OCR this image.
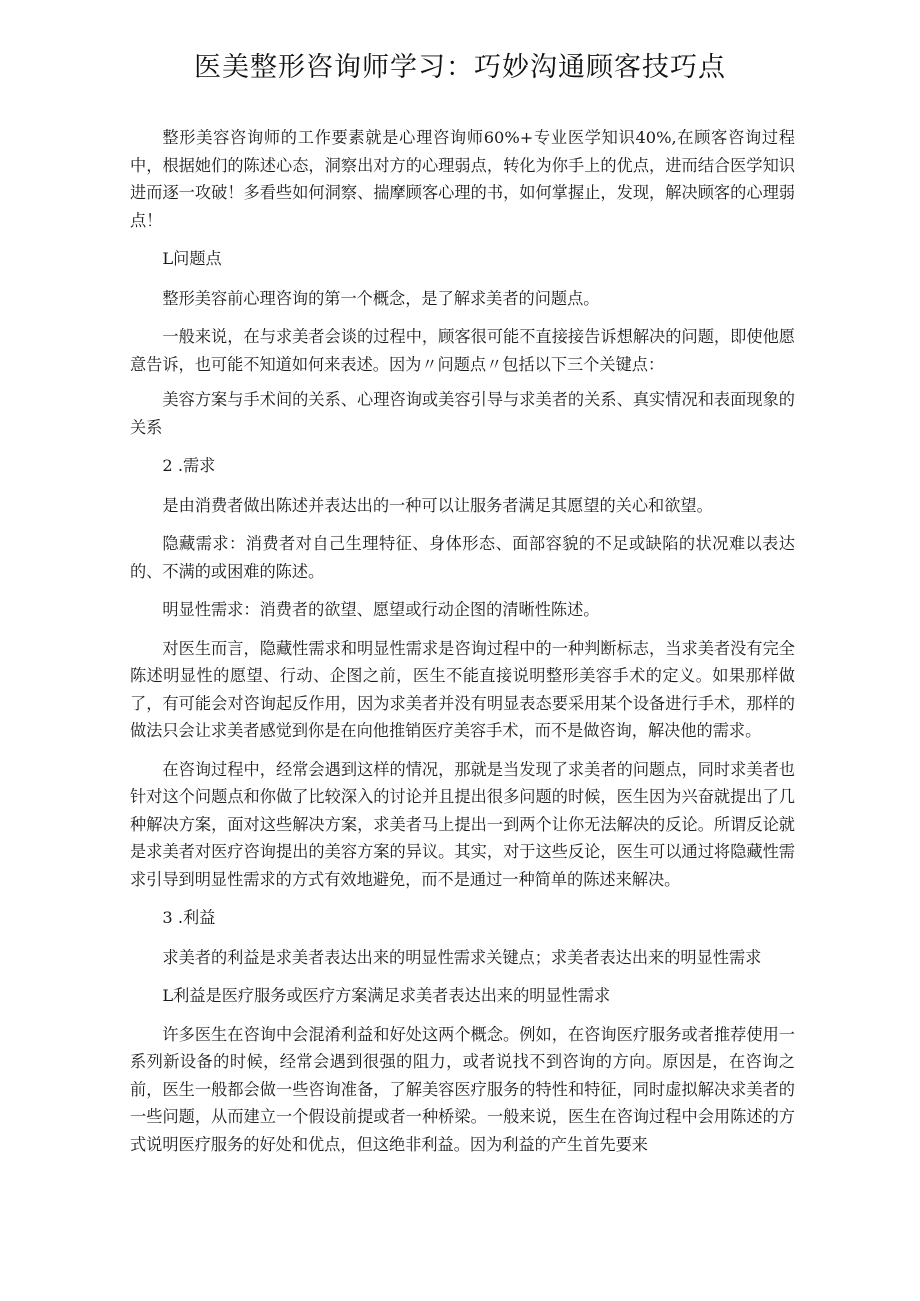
医美整形咨询师学习：巧妙沟通顾客技巧点

整形美容咨询师的工作要素就是心理咨询师60%+专业医学知识40%,在顾客咨询过程中，根据她们的陈述心态，洞察出对方的心理弱点，转化为你手上的优点，进而结合医学知识进而逐一攻破！多看些如何洞察、揣摩顾客心理的书，如何掌握止，发现，解决顾客的心理弱点！

L问题点

整形美容前心理咨询的第一个概念，是了解求美者的问题点。

一般来说，在与求美者会谈的过程中，顾客很可能不直接接告诉想解决的问题，即使他愿意告诉，也可能不知道如何来表述。因为〃问题点〃包括以下三个关键点：

美容方案与手术间的关系、心理咨询或美容引导与求美者的关系、真实情况和表面现象的关系

2 .需求

是由消费者做出陈述并表达出的一种可以让服务者满足其愿望的关心和欲望。

隐藏需求：消费者对自己生理特征、身体形态、面部容貌的不足或缺陷的状况难以表达的、不满的或困难的陈述。

明显性需求：消费者的欲望、愿望或行动企图的清晰性陈述。

对医生而言，隐藏性需求和明显性需求是咨询过程中的一种判断标志，当求美者没有完全陈述明显性的愿望、行动、企图之前，医生不能直接说明整形美容手术的定义。如果那样做了，有可能会对咨询起反作用，因为求美者并没有明显表态要采用某个设备进行手术，那样的做法只会让求美者感觉到你是在向他推销医疗美容手术，而不是做咨询，解决他的需求。

在咨询过程中，经常会遇到这样的情况，那就是当发现了求美者的问题点，同时求美者也针对这个问题点和你做了比较深入的讨论并且提出很多问题的时候，医生因为兴奋就提出了几种解决方案，面对这些解决方案，求美者马上提出一到两个让你无法解决的反论。所谓反论就是求美者对医疗咨询提出的美容方案的异议。其实，对于这些反论，医生可以通过将隐藏性需求引导到明显性需求的方式有效地避免，而不是通过一种简单的陈述来解决。

3 .利益

求美者的利益是求美者表达出来的明显性需求关键点；求美者表达出来的明显性需求

L利益是医疗服务或医疗方案满足求美者表达出来的明显性需求

许多医生在咨询中会混淆利益和好处这两个概念。例如，在咨询医疗服务或者推荐使用一系列新设备的时候，经常会遇到很强的阻力，或者说找不到咨询的方向。原因是，在咨询之前，医生一般都会做一些咨询准备，了解美容医疗服务的特性和特征，同时虚拟解决求美者的一些问题，从而建立一个假设前提或者一种桥梁。一般来说，医生在咨询过程中会用陈述的方式说明医疗服务的好处和优点，但这绝非利益。因为利益的产生首先要来
